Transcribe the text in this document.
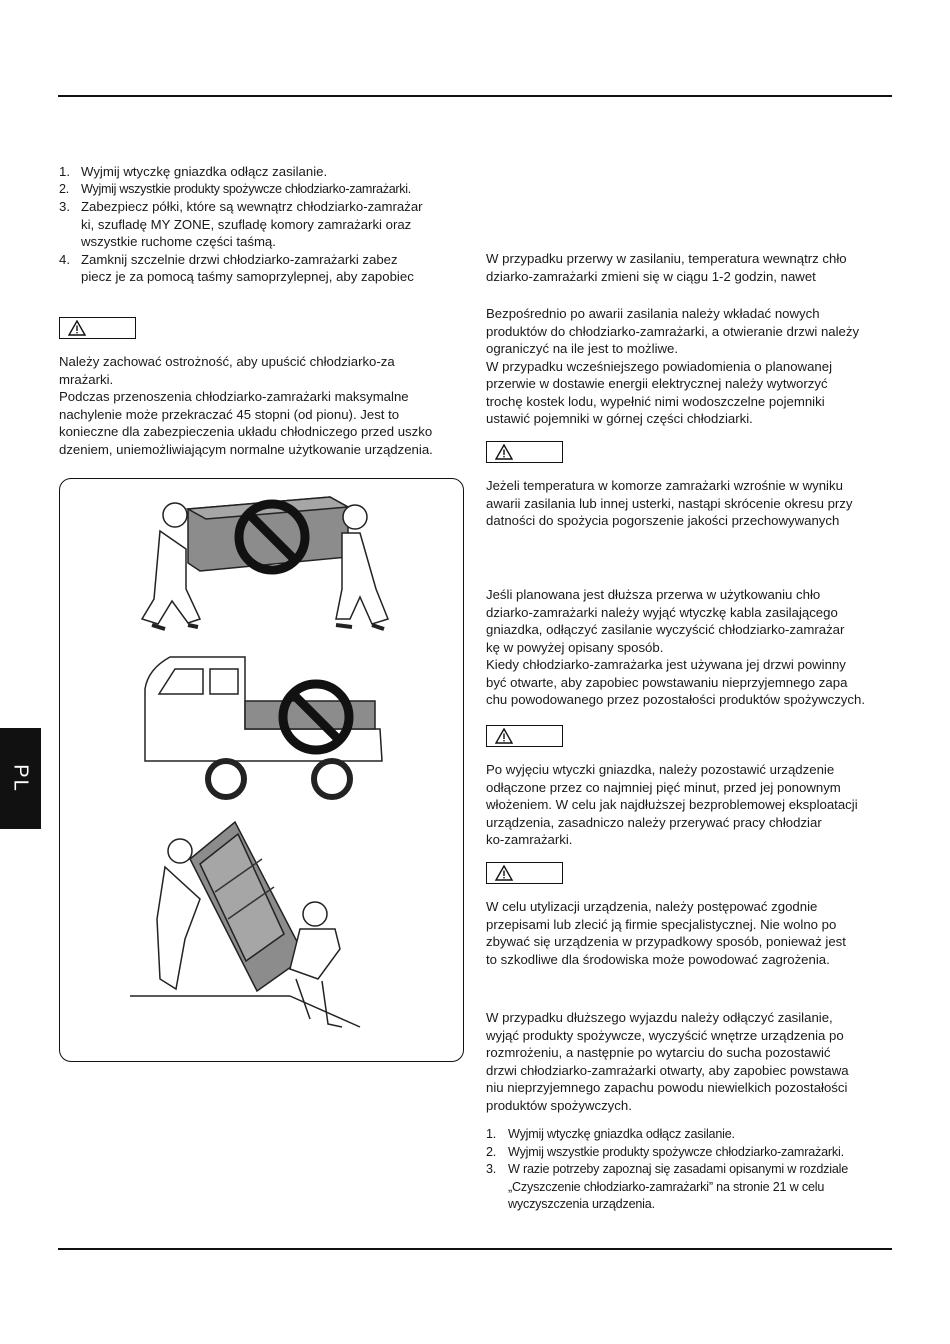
PL
1. Wyjmij wtyczkę gniazdka odłącz zasilanie.
2. Wyjmij wszystkie produkty spożywcze chłodziarko-zamrażarki.
3. Zabezpiecz półki, które są wewnątrz chłodziarko-zamrażar
ki, szufladę MY ZONE, szufladę komory zamrażarki oraz
wszystkie ruchome części taśmą.
4. Zamknij szczelnie drzwi chłodziarko-zamrażarki zabez
piecz je za pomocą taśmy samoprzylepnej, aby zapobiec

Należy zachować ostrożność, aby upuścić chłodziarko-za
mrażarki.
Podczas przenoszenia chłodziarko-zamrażarki maksymalne
nachylenie może przekraczać 45 stopni (od pionu). Jest to
konieczne dla zabezpieczenia układu chłodniczego przed uszko
dzeniem, uniemożliwiającym normalne użytkowanie urządzenia.

W przypadku przerwy w zasilaniu, temperatura wewnątrz chło
dziarko-zamrażarki zmieni się w ciągu 1-2 godzin, nawet

Bezpośrednio po awarii zasilania należy wkładać nowych
produktów do chłodziarko-zamrażarki, a otwieranie drzwi należy
ograniczyć na ile jest to możliwe.
W przypadku wcześniejszego powiadomienia o planowanej
przerwie w dostawie energii elektrycznej należy wytworzyć
trochę kostek lodu, wypełnić nimi wodoszczelne pojemniki
ustawić pojemniki w górnej części chłodziarki.

Jeżeli temperatura w komorze zamrażarki wzrośnie w wyniku
awarii zasilania lub innej usterki, nastąpi skrócenie okresu przy
datności do spożycia pogorszenie jakości przechowywanych

Jeśli planowana jest dłuższa przerwa w użytkowaniu chło
dziarko-zamrażarki należy wyjąć wtyczkę kabla zasilającego
gniazdka, odłączyć zasilanie wyczyścić chłodziarko-zamrażar
kę w powyżej opisany sposób.
Kiedy chłodziarko-zamrażarka jest używana jej drzwi powinny
być otwarte, aby zapobiec powstawaniu nieprzyjemnego zapa
chu powodowanego przez pozostałości produktów spożywczych.

Po wyjęciu wtyczki gniazdka, należy pozostawić urządzenie
odłączone przez co najmniej pięć minut, przed jej ponownym
włożeniem. W celu jak najdłuższej bezproblemowej eksploatacji
urządzenia, zasadniczo należy przerywać pracy chłodziar
ko-zamrażarki.

W celu utylizacji urządzenia, należy postępować zgodnie
przepisami lub zlecić ją firmie specjalistycznej. Nie wolno po
zbywać się urządzenia w przypadkowy sposób, ponieważ jest
to szkodliwe dla środowiska może powodować zagrożenia.

W przypadku dłuższego wyjazdu należy odłączyć zasilanie,
wyjąć produkty spożywcze, wyczyścić wnętrze urządzenia po
rozmrożeniu, a następnie po wytarciu do sucha pozostawić
drzwi chłodziarko-zamrażarki otwarty, aby zapobiec powstawa
niu nieprzyjemnego zapachu powodu niewielkich pozostałości
produktów spożywczych.

1. Wyjmij wtyczkę gniazdka odłącz zasilanie.
2. Wyjmij wszystkie produkty spożywcze chłodziarko-zamrażarki.
3. W razie potrzeby zapoznaj się zasadami opisanymi w rozdziale
„Czyszczenie chłodziarko-zamrażarki” na stronie 21 w celu
wyczyszczenia urządzenia.
